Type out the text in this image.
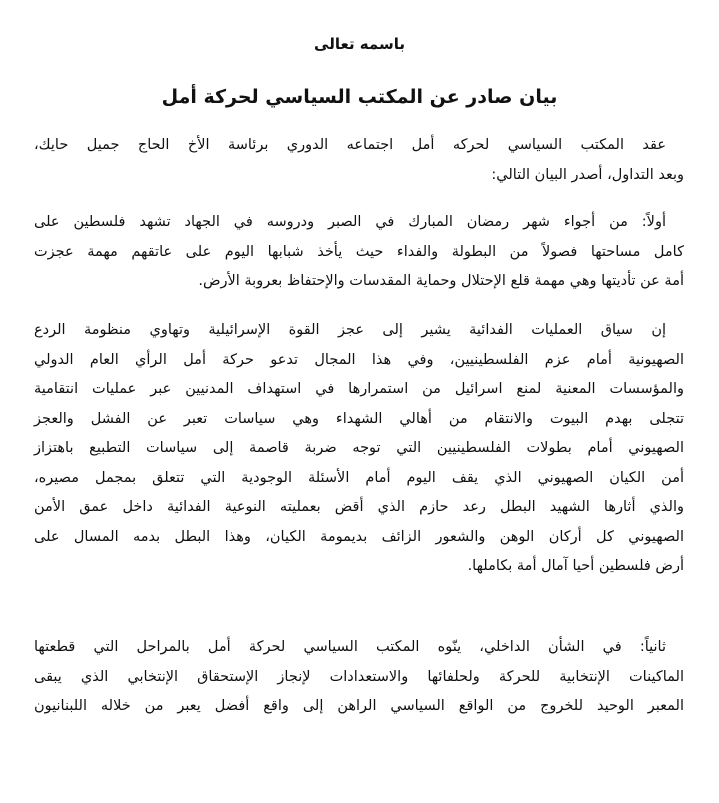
باسمه تعالى
بيان صادر عن المكتب السياسي لحركة أمل
عقد المكتب السياسي لحركه أمل اجتماعه الدوري برئاسة الأخ الحاج جميل حايك،
وبعد التداول، أصدر البيان التالي:
أولاً: من أجواء شهر رمضان المبارك في الصبر ودروسه في الجهاد تشهد فلسطين على
كامل مساحتها فصولاً من البطولة والفداء حيث يأخذ شبابها اليوم على عاتقهم مهمة عجزت
أمة عن تأديتها وهي مهمة قلع الإحتلال وحماية المقدسات والإحتفاظ بعروبة الأرض.
إن سياق العمليات الفدائية يشير إلى عجز القوة الإسرائيلية وتهاوي منظومة الردع
الصهيونية أمام عزم الفلسطينيين، وفي هذا المجال تدعو حركة أمل الرأي العام الدولي
والمؤسسات المعنية لمنع اسرائيل من استمرارها في استهداف المدنيين عبر عمليات انتقامية
تتجلى بهدم البيوت والانتقام من أهالي الشهداء وهي سياسات تعبر عن الفشل والعجز
الصهيوني أمام بطولات الفلسطينيين التي توجه ضربة قاصمة إلى سياسات التطبيع باهتزاز
أمن الكيان الصهيوني الذي يقف اليوم أمام الأسئلة الوجودية التي تتعلق بمجمل مصيره،
والذي أثارها الشهيد البطل رعد حازم الذي أقض بعمليته النوعية الفدائية داخل عمق الأمن
الصهيوني كل أركان الوهن والشعور الزائف بديمومة الكيان، وهذا البطل بدمه المسال على
أرض فلسطين أحيا آمال أمة بكاملها.
ثانياً: في الشأن الداخلي، ينّوه المكتب السياسي لحركة أمل بالمراحل التي قطعتها
الماكينات الإنتخابية للحركة ولحلفائها والاستعدادات لإنجاز الإستحقاق الإنتخابي الذي يبقى
المعبر الوحيد للخروج من الواقع السياسي الراهن إلى واقع أفضل يعبر من خلاله اللبنانيون
